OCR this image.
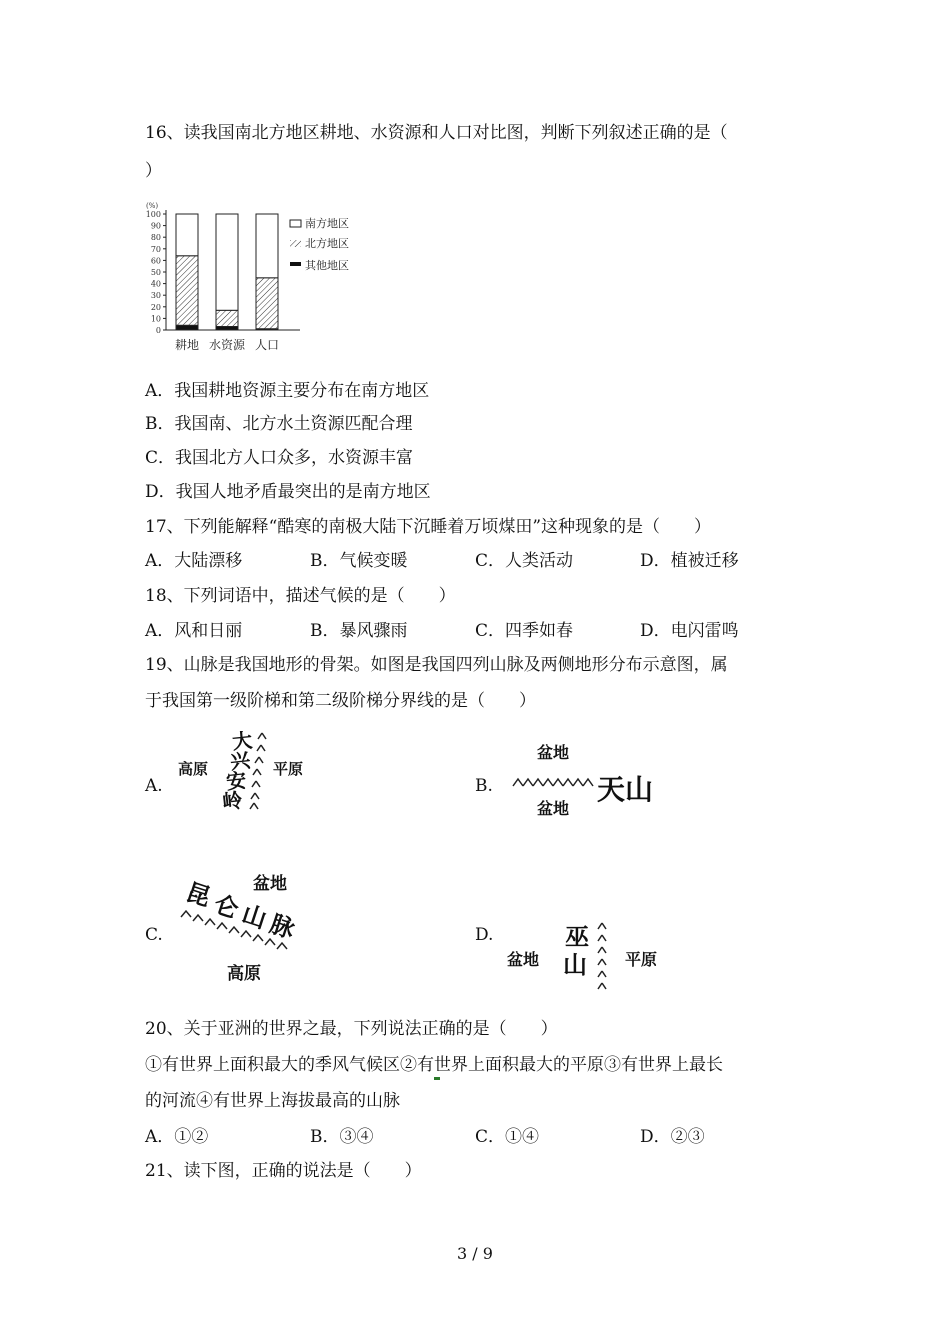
16、读我国南北方地区耕地、水资源和人口对比图，判断下列叙述正确的是（
）
(%)
0
10
20
30
40
50
60
70
80
90
100
耕地 水资源 人口
南方地区
北方地区
其他地区
A．我国耕地资源主要分布在南方地区
B．我国南、北方水土资源匹配合理
C．我国北方人口众多，水资源丰富
D．我国人地矛盾最突出的是南方地区
17、下列能解释“酷寒的南极大陆下沉睡着万顷煤田”这种现象的是（　　）
A．大陆漂移	B．气候变暖	C．人类活动	D．植被迁移
18、下列词语中，描述气候的是（　　）
A．风和日丽	B．暴风骤雨	C．四季如春	D．电闪雷鸣
19、山脉是我国地形的骨架。如图是我国四列山脉及两侧地形分布示意图，属
于我国第一级阶梯和第二级阶梯分界线的是（　　）
A.
高原	平原
大
兴
安
岭
B.
盆地
盆地
天山
C.
盆地
高原
昆
仑
山
脉	D.
盆地	平原
巫
山
20、关于亚洲的世界之最，下列说法正确的是（　　）
①有世界上面积最大的季风气候区②有世界上面积最大的平原③有世界上最长
的河流④有世界上海拔最高的山脉
A．①②	B．③④	C．①④	D．②③
21、读下图，正确的说法是（　　）
3 / 9
